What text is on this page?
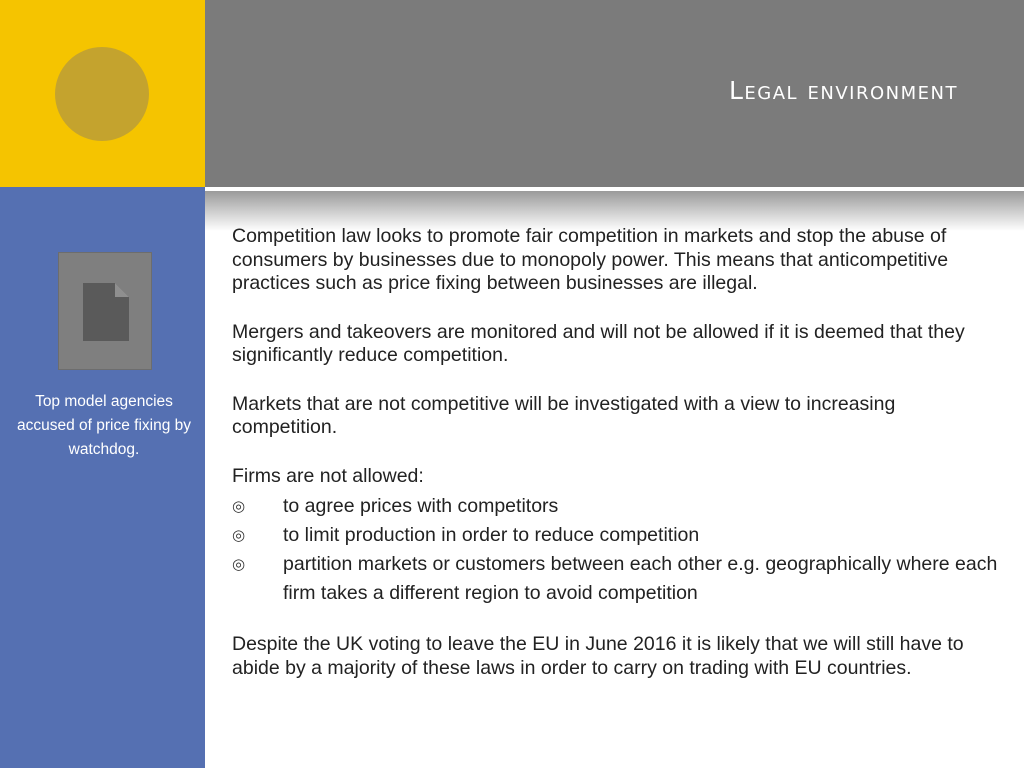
Legal environment

Top model agencies accused of price fixing by watchdog.

Competition law looks to promote fair competition in markets and stop the abuse of consumers by businesses due to monopoly power. This means that anticompetitive practices such as price fixing between businesses are illegal.

Mergers and takeovers are monitored and will not be allowed if it is deemed that they significantly reduce competition.

Markets that are not competitive will be investigated with a view to increasing competition.

Firms are not allowed:

◎ to agree prices with competitors
◎ to limit production in order to reduce competition
◎ partition markets or customers between each other e.g. geographically where each firm takes a different region to avoid competition

Despite the UK voting to leave the EU in June 2016 it is likely that we will still have to abide by a majority of these laws in order to carry on trading with EU countries.
